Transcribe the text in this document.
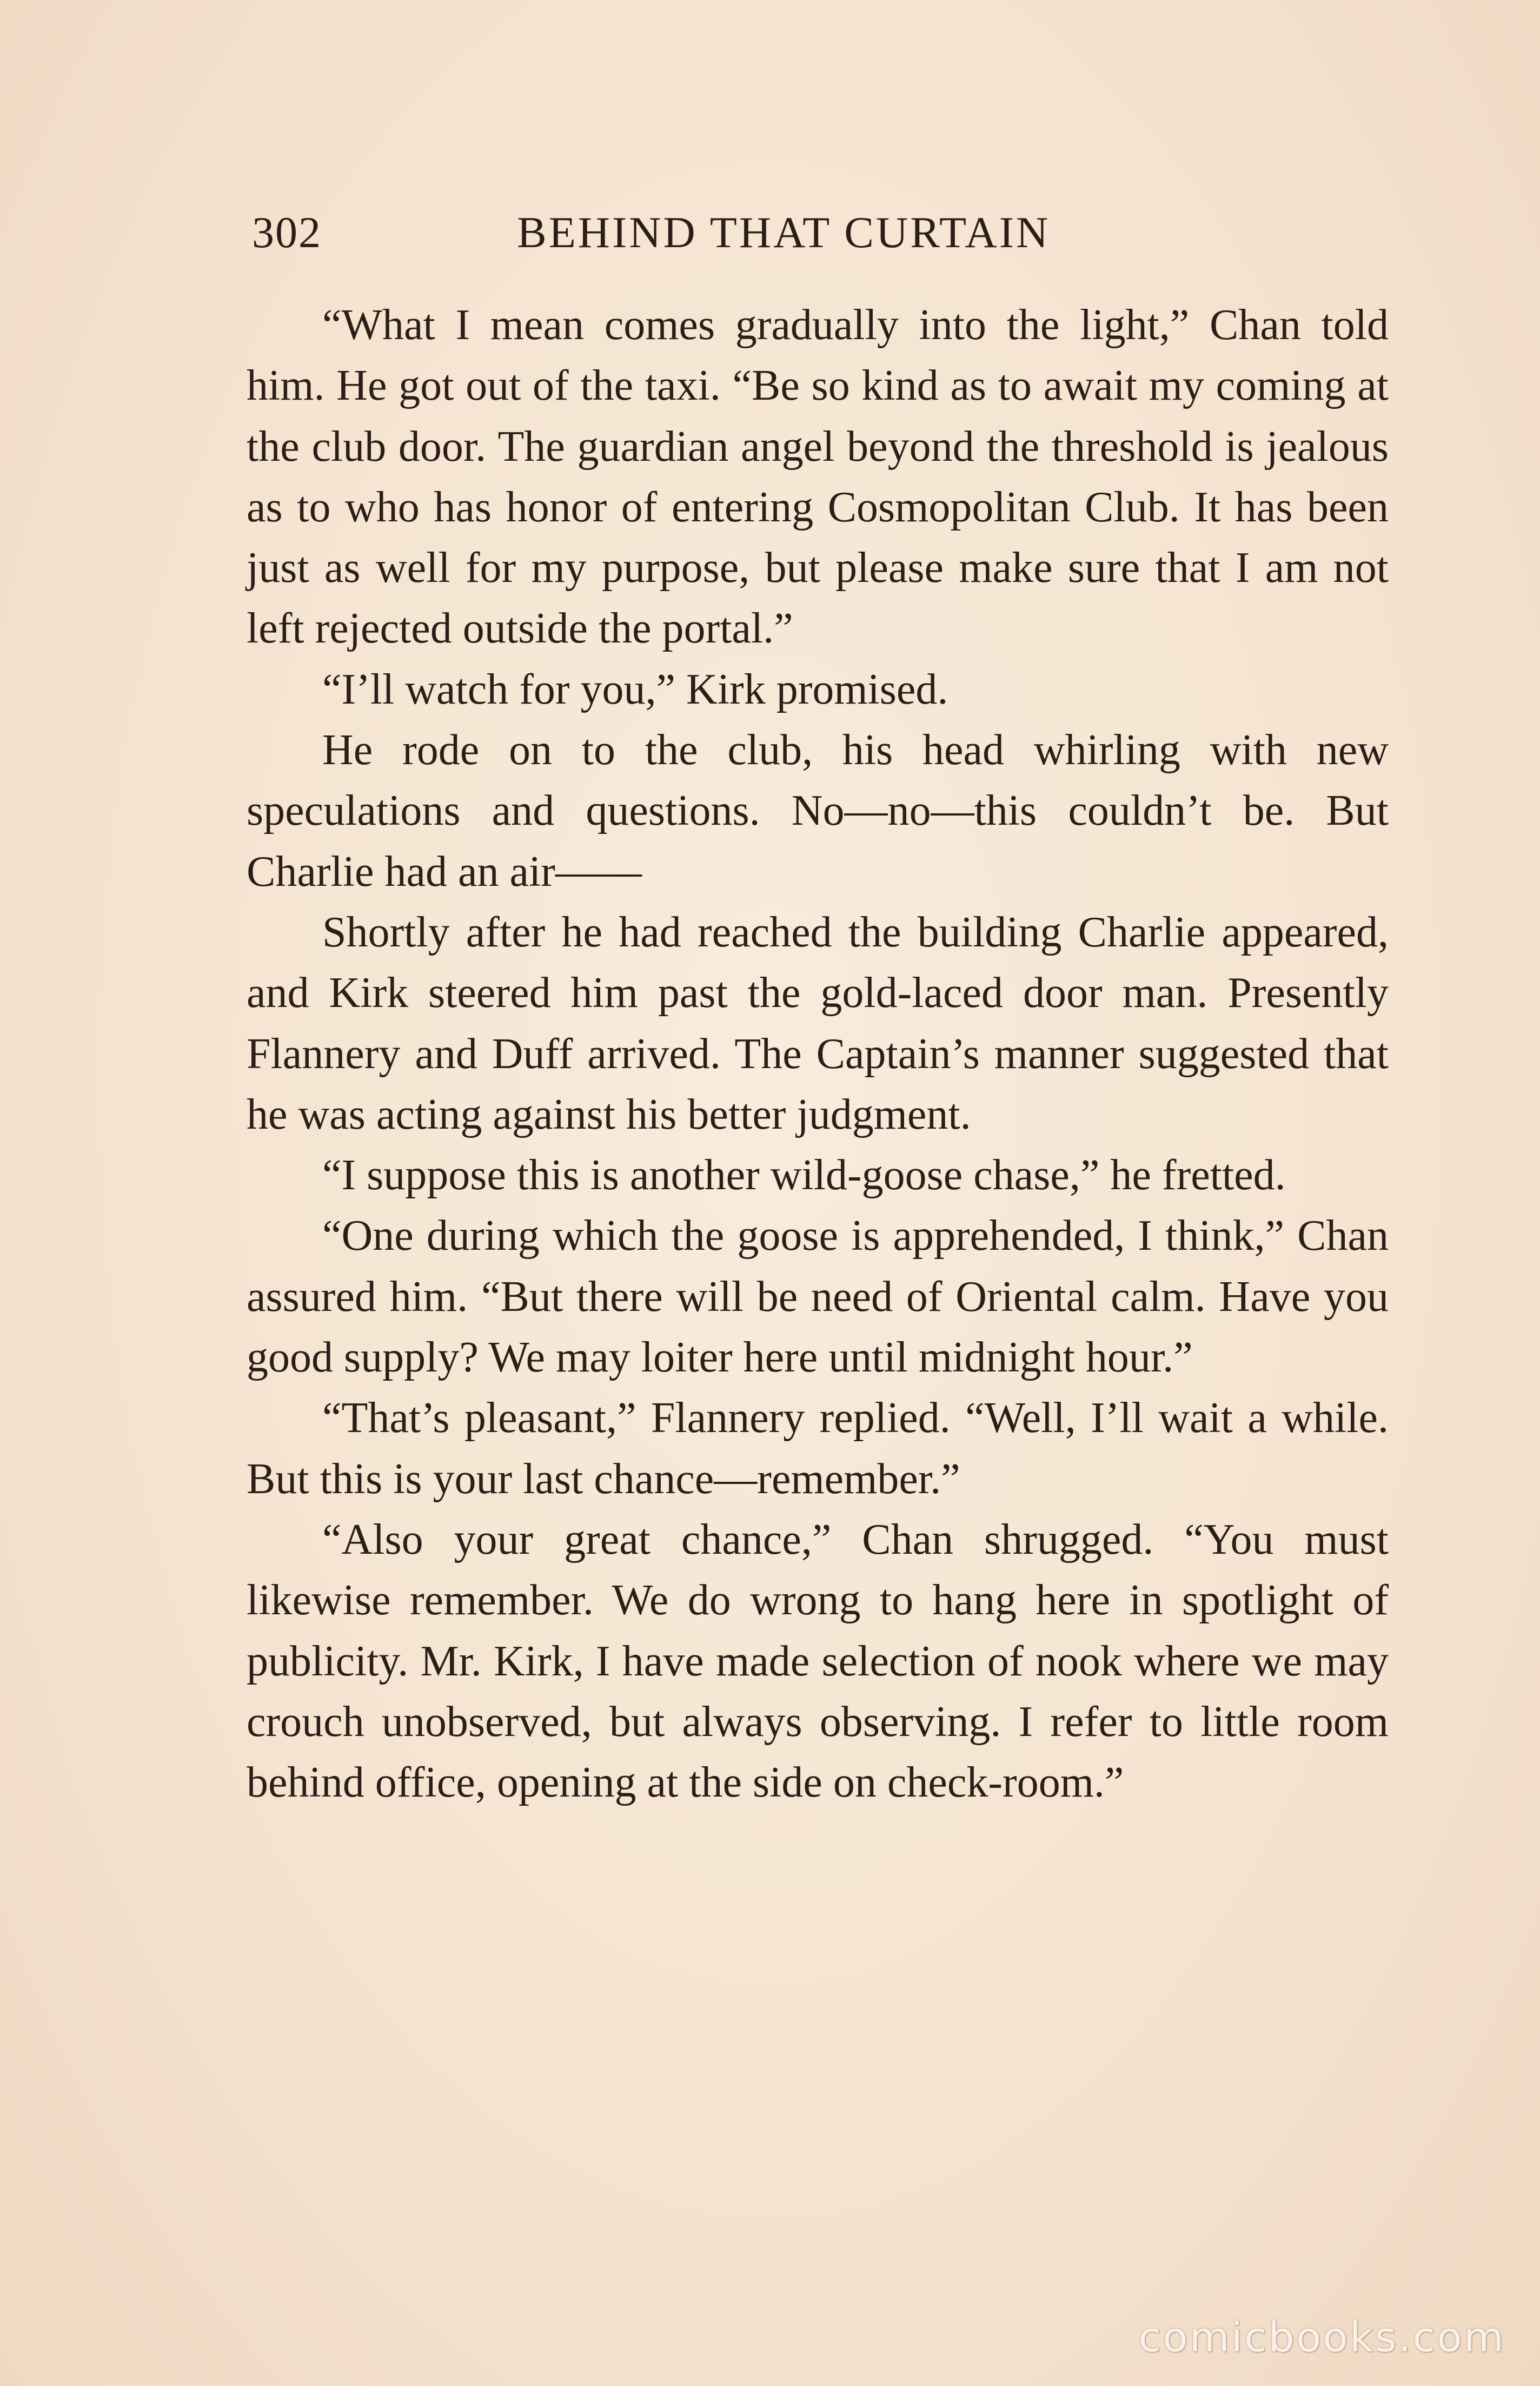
302	BEHIND THAT CURTAIN

“What I mean comes gradually into the light,” Chan told him. He got out of the taxi. “Be so kind as to await my coming at the club door. The guardian angel beyond the threshold is jealous as to who has honor of entering Cosmopolitan Club. It has been just as well for my purpose, but please make sure that I am not left rejected outside the portal.”

“I’ll watch for you,” Kirk promised.

He rode on to the club, his head whirling with new speculations and questions. No—no—this couldn’t be. But Charlie had an air——

Shortly after he had reached the building Charlie appeared, and Kirk steered him past the gold-laced door man. Presently Flannery and Duff arrived. The Captain’s manner suggested that he was acting against his better judgment.

“I suppose this is another wild-goose chase,” he fretted.

“One during which the goose is apprehended, I think,” Chan assured him. “But there will be need of Oriental calm. Have you good supply? We may loiter here until midnight hour.”

“That’s pleasant,” Flannery replied. “Well, I’ll wait a while. But this is your last chance—remember.”

“Also your great chance,” Chan shrugged. “You must likewise remember. We do wrong to hang here in spotlight of publicity. Mr. Kirk, I have made selection of nook where we may crouch unobserved, but always observing. I refer to little room behind office, opening at the side on check-room.”

comicbooks.com
